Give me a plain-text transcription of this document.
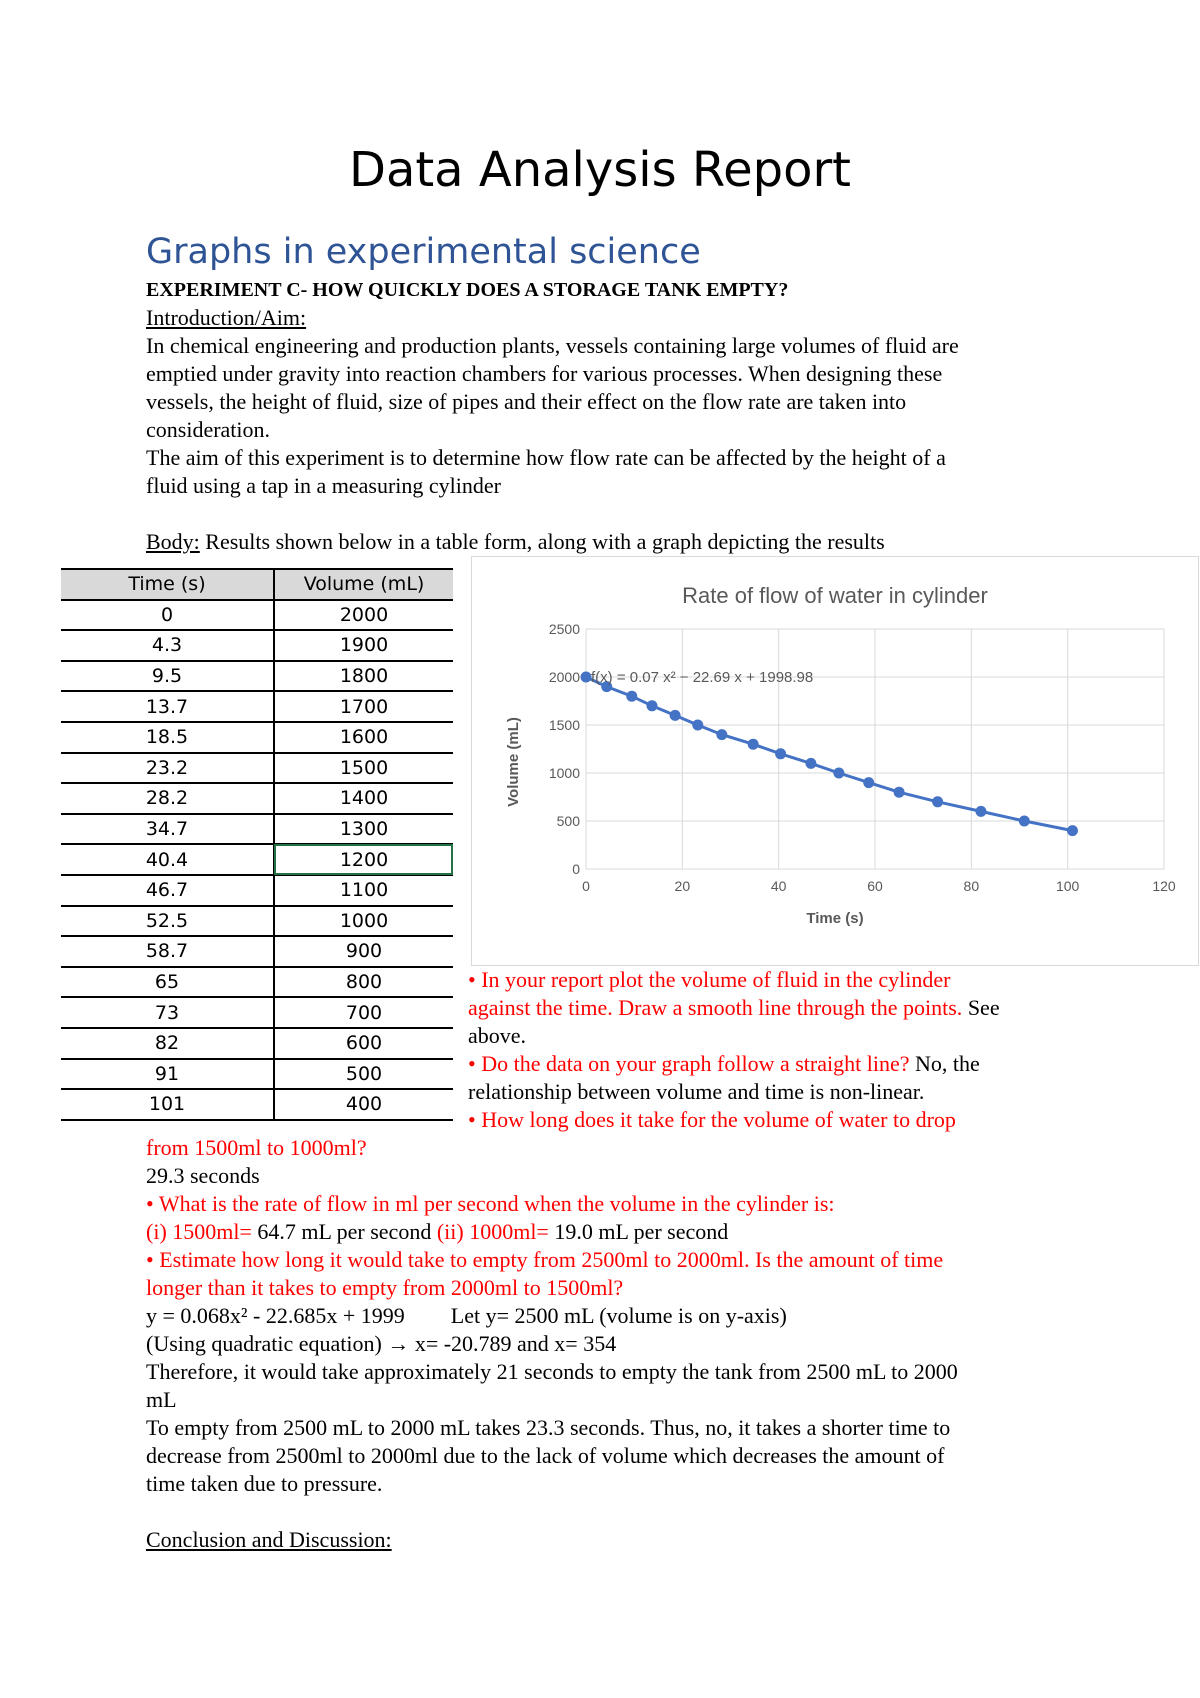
Data Analysis Report
Graphs in experimental science
EXPERIMENT C- HOW QUICKLY DOES A STORAGE TANK EMPTY?
Introduction/Aim:
In chemical engineering and production plants, vessels containing large volumes of fluid are
emptied under gravity into reaction chambers for various processes. When designing these
vessels, the height of fluid, size of pipes and their effect on the flow rate are taken into
consideration.
The aim of this experiment is to determine how flow rate can be affected by the height of a
fluid using a tap in a measuring cylinder
Body: Results shown below in a table form, along with a graph depicting the results
Time (s)	Volume (mL)
0	2000
4.3	1900
9.5	1800
13.7	1700
18.5	1600
23.2	1500
28.2	1400
34.7	1300
40.4	1200
46.7	1100
52.5	1000
58.7	900
65	800
73	700
82	600
91	500
101	400
Rate of flow of water in cylinder
0
500
1000
1500
2000
2500
0	20	40	60	80	100	120
f(x) = 0.07 x² − 22.69 x + 1998.98
Time (s)
Volume (mL)
• In your report plot the volume of fluid in the cylinder
against the time. Draw a smooth line through the points. See
above.
• Do the data on your graph follow a straight line? No, the
relationship between volume and time is non-linear.
• How long does it take for the volume of water to drop
from 1500ml to 1000ml?
29.3 seconds
• What is the rate of flow in ml per second when the volume in the cylinder is:
(i) 1500ml= 64.7 mL per second (ii) 1000ml= 19.0 mL per second
• Estimate how long it would take to empty from 2500ml to 2000ml. Is the amount of time
longer than it takes to empty from 2000ml to 1500ml?
y = 0.068x² - 22.685x + 1999 Let y= 2500 mL (volume is on y-axis)
(Using quadratic equation) → x= -20.789 and x= 354
Therefore, it would take approximately 21 seconds to empty the tank from 2500 mL to 2000
mL
To empty from 2500 mL to 2000 mL takes 23.3 seconds. Thus, no, it takes a shorter time to
decrease from 2500ml to 2000ml due to the lack of volume which decreases the amount of
time taken due to pressure.
Conclusion and Discussion:
